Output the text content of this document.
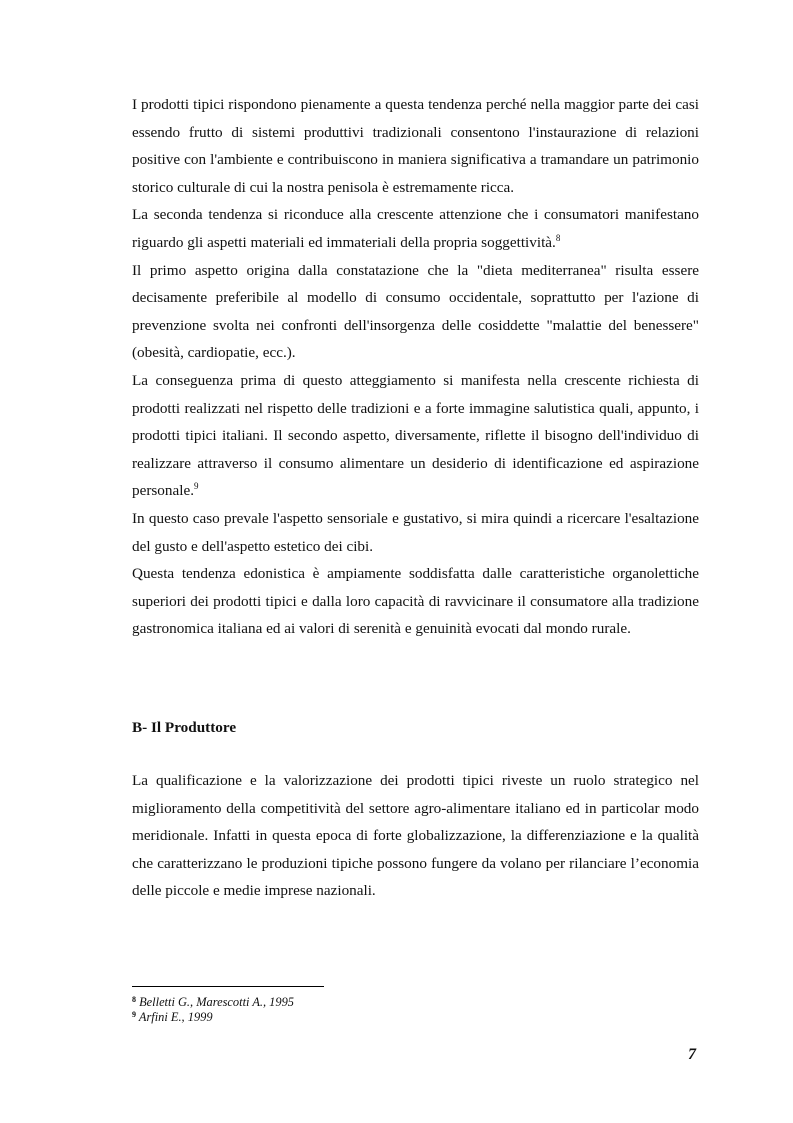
I prodotti tipici rispondono pienamente a questa tendenza perché nella maggior parte dei casi essendo frutto di sistemi produttivi tradizionali consentono l'instaurazione di relazioni positive con l'ambiente e contribuiscono in maniera significativa a tramandare un patrimonio storico culturale di cui la nostra penisola è estremamente ricca.

La seconda tendenza si riconduce alla crescente attenzione che i consumatori manifestano riguardo gli aspetti materiali ed immateriali della propria soggettività.$^8$

Il primo aspetto origina dalla constatazione che la "dieta mediterranea" risulta essere decisamente preferibile al modello di consumo occidentale, soprattutto per l'azione di prevenzione svolta nei confronti dell'insorgenza delle cosiddette "malattie del benessere" (obesità, cardiopatie, ecc.).

La conseguenza prima di questo atteggiamento si manifesta nella crescente richiesta di prodotti realizzati nel rispetto delle tradizioni e a forte immagine salutistica quali, appunto, i prodotti tipici italiani. Il secondo aspetto, diversamente, riflette il bisogno dell'individuo di realizzare attraverso il consumo alimentare un desiderio di identificazione ed aspirazione personale.$^9$

In questo caso prevale l'aspetto sensoriale e gustativo, si mira quindi a ricercare l'esaltazione del gusto e dell'aspetto estetico dei cibi.

Questa tendenza edonistica è ampiamente soddisfatta dalle caratteristiche organolettiche superiori dei prodotti tipici e dalla loro capacità di ravvicinare il consumatore alla tradizione gastronomica italiana ed ai valori di serenità e genuinità evocati dal mondo rurale.

B- Il Produttore

La qualificazione e la valorizzazione dei prodotti tipici riveste un ruolo strategico nel miglioramento della competitività del settore agro-alimentare italiano ed in particolar modo meridionale. Infatti in questa epoca di forte globalizzazione, la differenziazione e la qualità che caratterizzano le produzioni tipiche possono fungere da volano per rilanciare l’economia delle piccole e medie imprese nazionali.

$^8$ Belletti G., Marescotti A., 1995
$^9$ Arfini E., 1999
7
